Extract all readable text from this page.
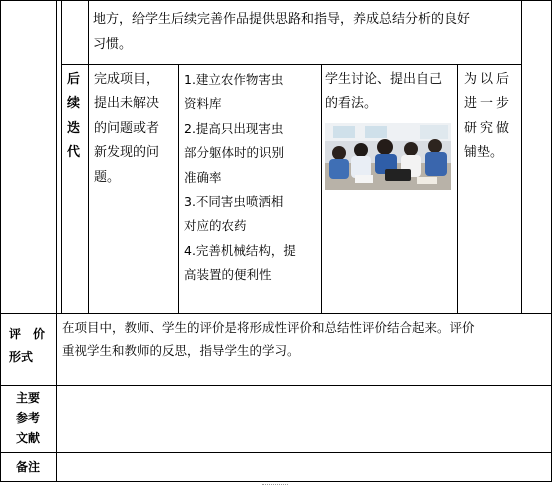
地方，给学生后续完善作品提供思路和指导，养成总结分析的良好
习惯。
后
续
迭
代
完成项目，
提出未解决
的问题或者
新发现的问
题。
1.建立农作物害虫
资料库
2.提高只出现害虫
部分躯体时的识别
准确率
3.不同害虫喷洒相
对应的农药
4.完善机械结构，提
高装置的便利性
学生讨论、提出自己
的看法。
为以后
进一步
研究做
铺垫。
评　价
形式
在项目中，教师、学生的评价是将形成性评价和总结性评价结合起来。评价
重视学生和教师的反思，指导学生的学习。
主要
参考
文献
备注
